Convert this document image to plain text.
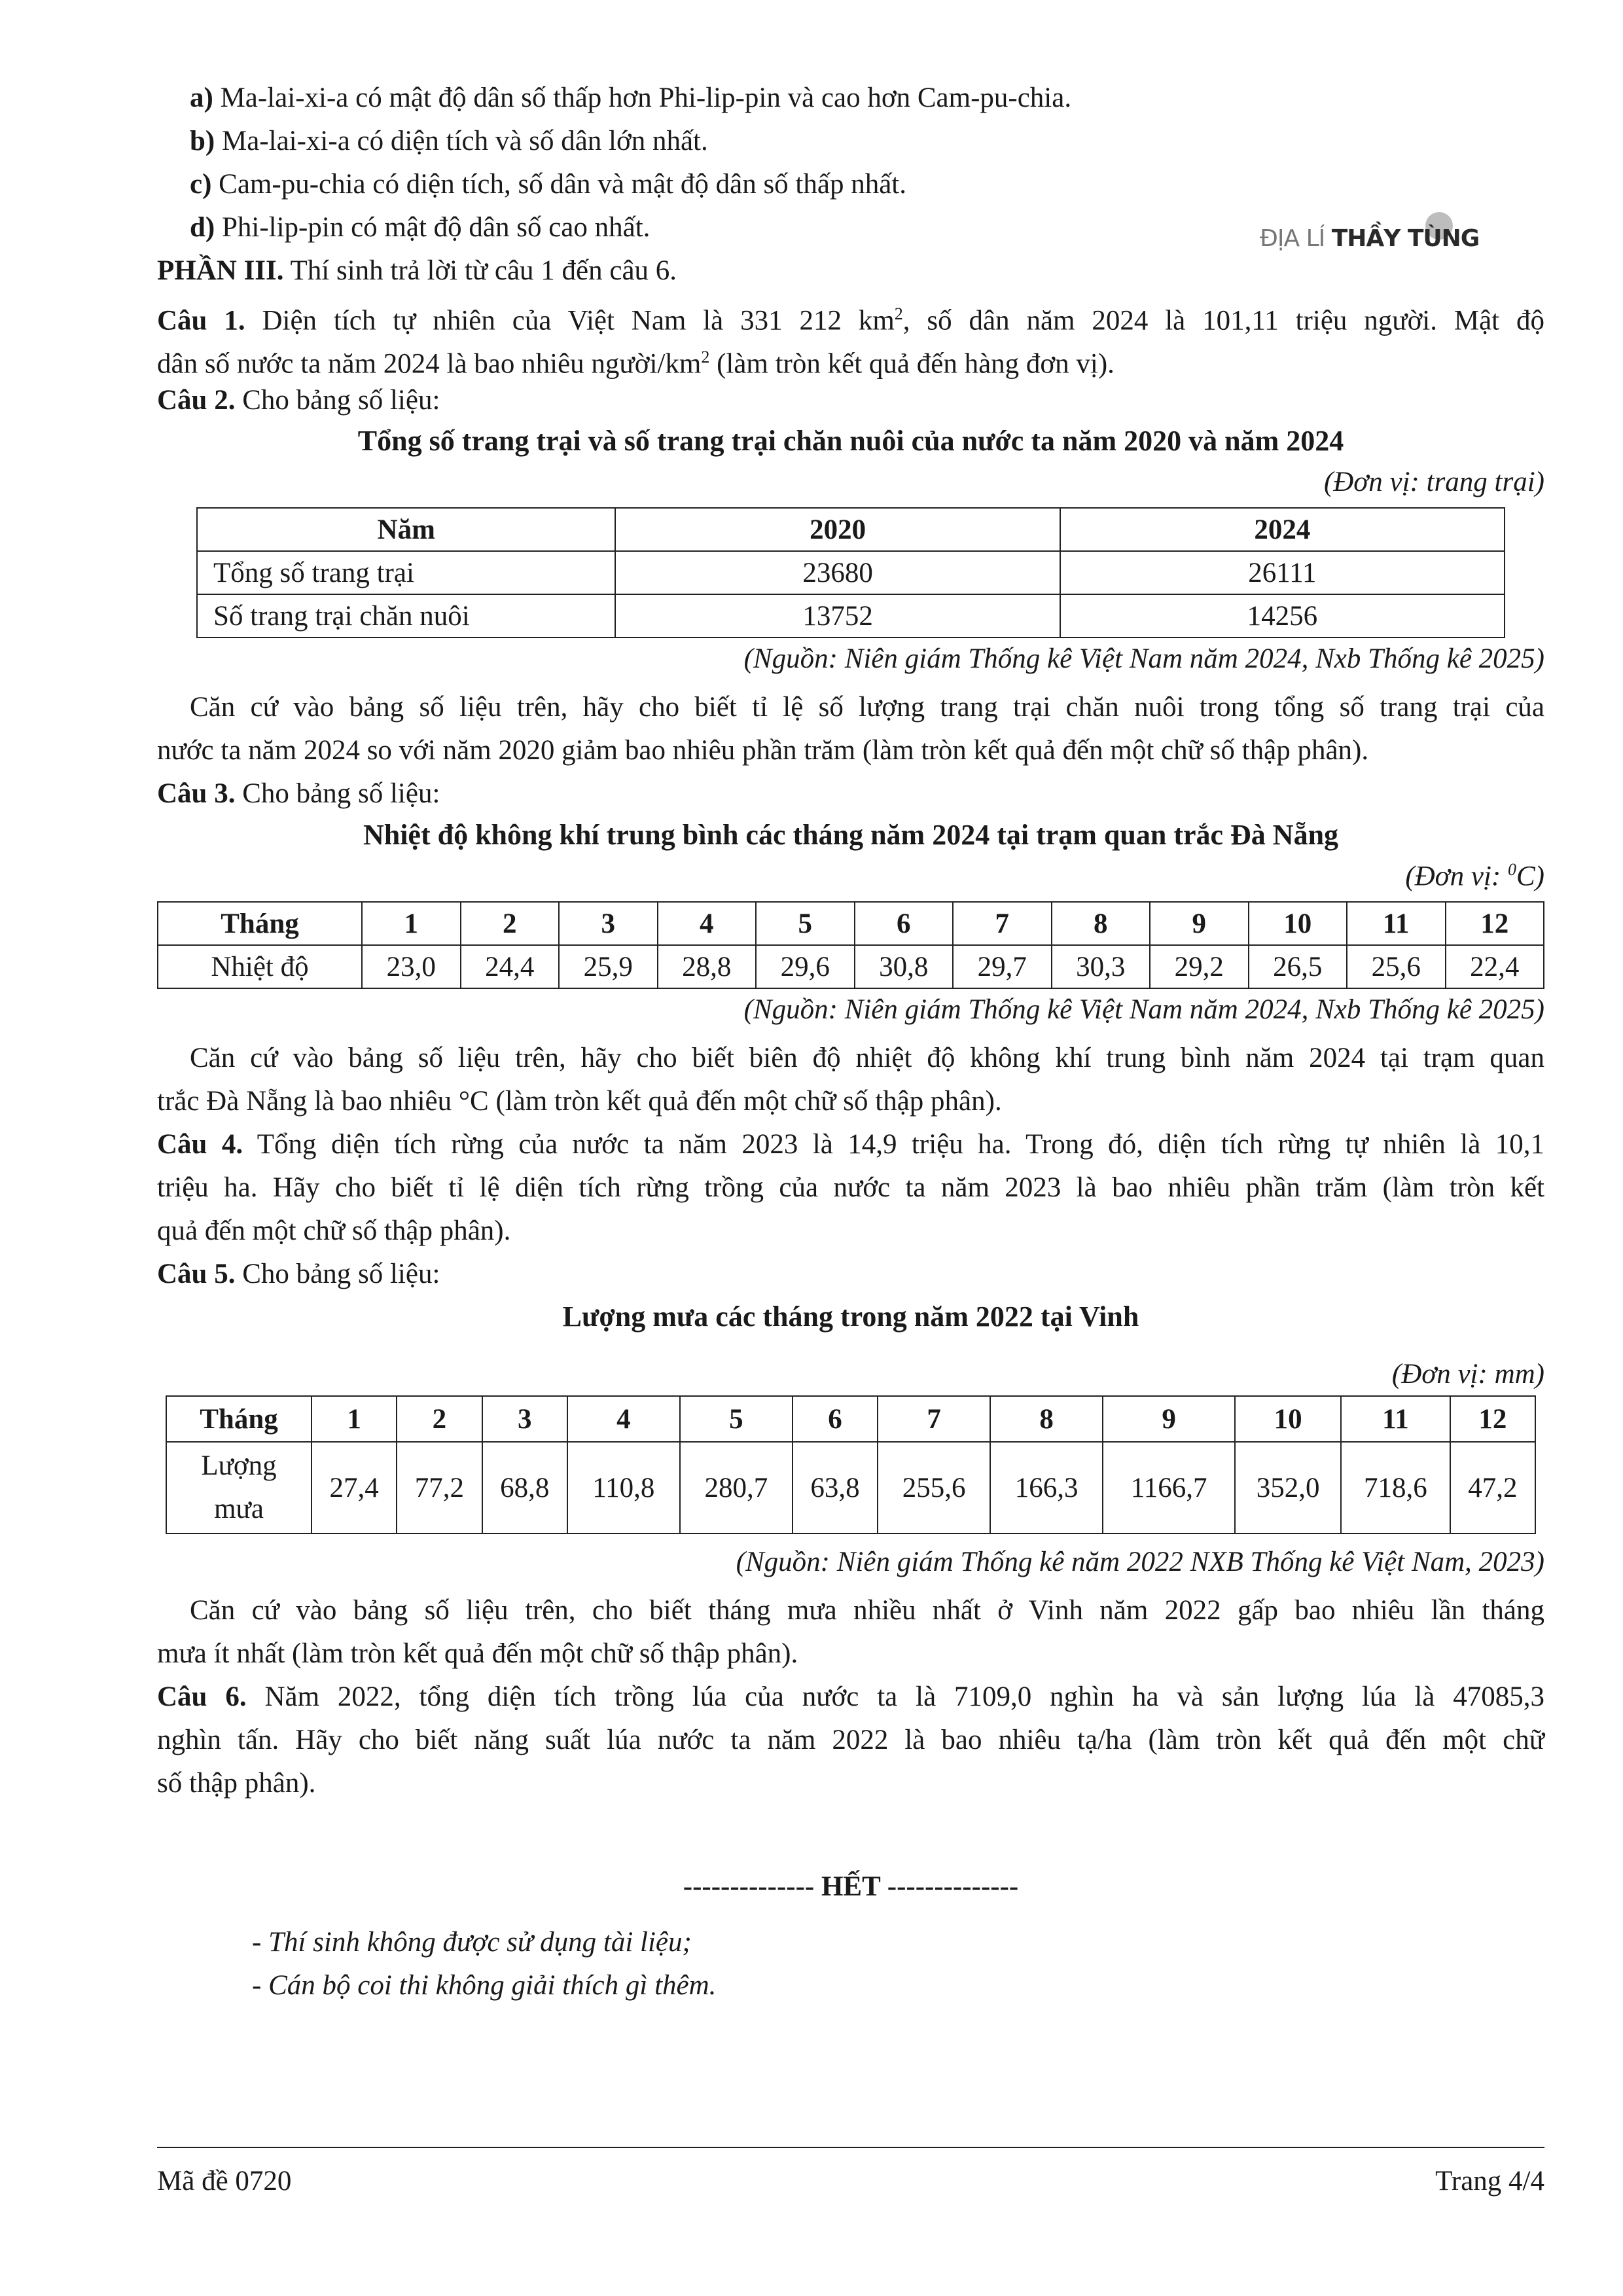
a) Ma-lai-xi-a có mật độ dân số thấp hơn Phi-lip-pin và cao hơn Cam-pu-chia.
b) Ma-lai-xi-a có diện tích và số dân lớn nhất.
c) Cam-pu-chia có diện tích, số dân và mật độ dân số thấp nhất.
d) Phi-lip-pin có mật độ dân số cao nhất.	ĐỊA LÍ THẦY TÙNG
PHẦN III. Thí sinh trả lời từ câu 1 đến câu 6.
Câu 1. Diện tích tự nhiên của Việt Nam là 331 212 $km^2$, số dân năm 2024 là 101,11 triệu người. Mật độ
dân số nước ta năm 2024 là bao nhiêu người/$km^2$ (làm tròn kết quả đến hàng đơn vị).
Câu 2. Cho bảng số liệu:
Tổng số trang trại và số trang trại chăn nuôi của nước ta năm 2020 và năm 2024
(Đơn vị: trang trại)
Năm	2020	2024
Tổng số trang trại	23680	26111
Số trang trại chăn nuôi	13752	14256
(Nguồn: Niên giám Thống kê Việt Nam năm 2024, Nxb Thống kê 2025)
Căn cứ vào bảng số liệu trên, hãy cho biết tỉ lệ số lượng trang trại chăn nuôi trong tổng số trang trại của
nước ta năm 2024 so với năm 2020 giảm bao nhiêu phần trăm (làm tròn kết quả đến một chữ số thập phân).
Câu 3. Cho bảng số liệu:
Nhiệt độ không khí trung bình các tháng năm 2024 tại trạm quan trắc Đà Nẵng
(Đơn vị: $^0$C)
Tháng	1	2	3	4	5	6	7	8	9	10	11	12
Nhiệt độ	23,0	24,4	25,9	28,8	29,6	30,8	29,7	30,3	29,2	26,5	25,6	22,4
(Nguồn: Niên giám Thống kê Việt Nam năm 2024, Nxb Thống kê 2025)
Căn cứ vào bảng số liệu trên, hãy cho biết biên độ nhiệt độ không khí trung bình năm 2024 tại trạm quan
trắc Đà Nẵng là bao nhiêu °C (làm tròn kết quả đến một chữ số thập phân).
Câu 4. Tổng diện tích rừng của nước ta năm 2023 là 14,9 triệu ha. Trong đó, diện tích rừng tự nhiên là 10,1
triệu ha. Hãy cho biết tỉ lệ diện tích rừng trồng của nước ta năm 2023 là bao nhiêu phần trăm (làm tròn kết
quả đến một chữ số thập phân).
Câu 5. Cho bảng số liệu:
Lượng mưa các tháng trong năm 2022 tại Vinh
(Đơn vị: mm)
Tháng	1	2	3	4	5	6	7	8	9	10	11	12
Lượng
mưa	27,4	77,2	68,8	110,8	280,7	63,8	255,6	166,3	1166,7	352,0	718,6	47,2
(Nguồn: Niên giám Thống kê năm 2022 NXB Thống kê Việt Nam, 2023)
Căn cứ vào bảng số liệu trên, cho biết tháng mưa nhiều nhất ở Vinh năm 2022 gấp bao nhiêu lần tháng
mưa ít nhất (làm tròn kết quả đến một chữ số thập phân).
Câu 6. Năm 2022, tổng diện tích trồng lúa của nước ta là 7109,0 nghìn ha và sản lượng lúa là 47085,3
nghìn tấn. Hãy cho biết năng suất lúa nước ta năm 2022 là bao nhiêu tạ/ha (làm tròn kết quả đến một chữ
số thập phân).
-------------- HẾT --------------
- Thí sinh không được sử dụng tài liệu;
- Cán bộ coi thi không giải thích gì thêm.
Mã đề 0720	Trang 4/4
